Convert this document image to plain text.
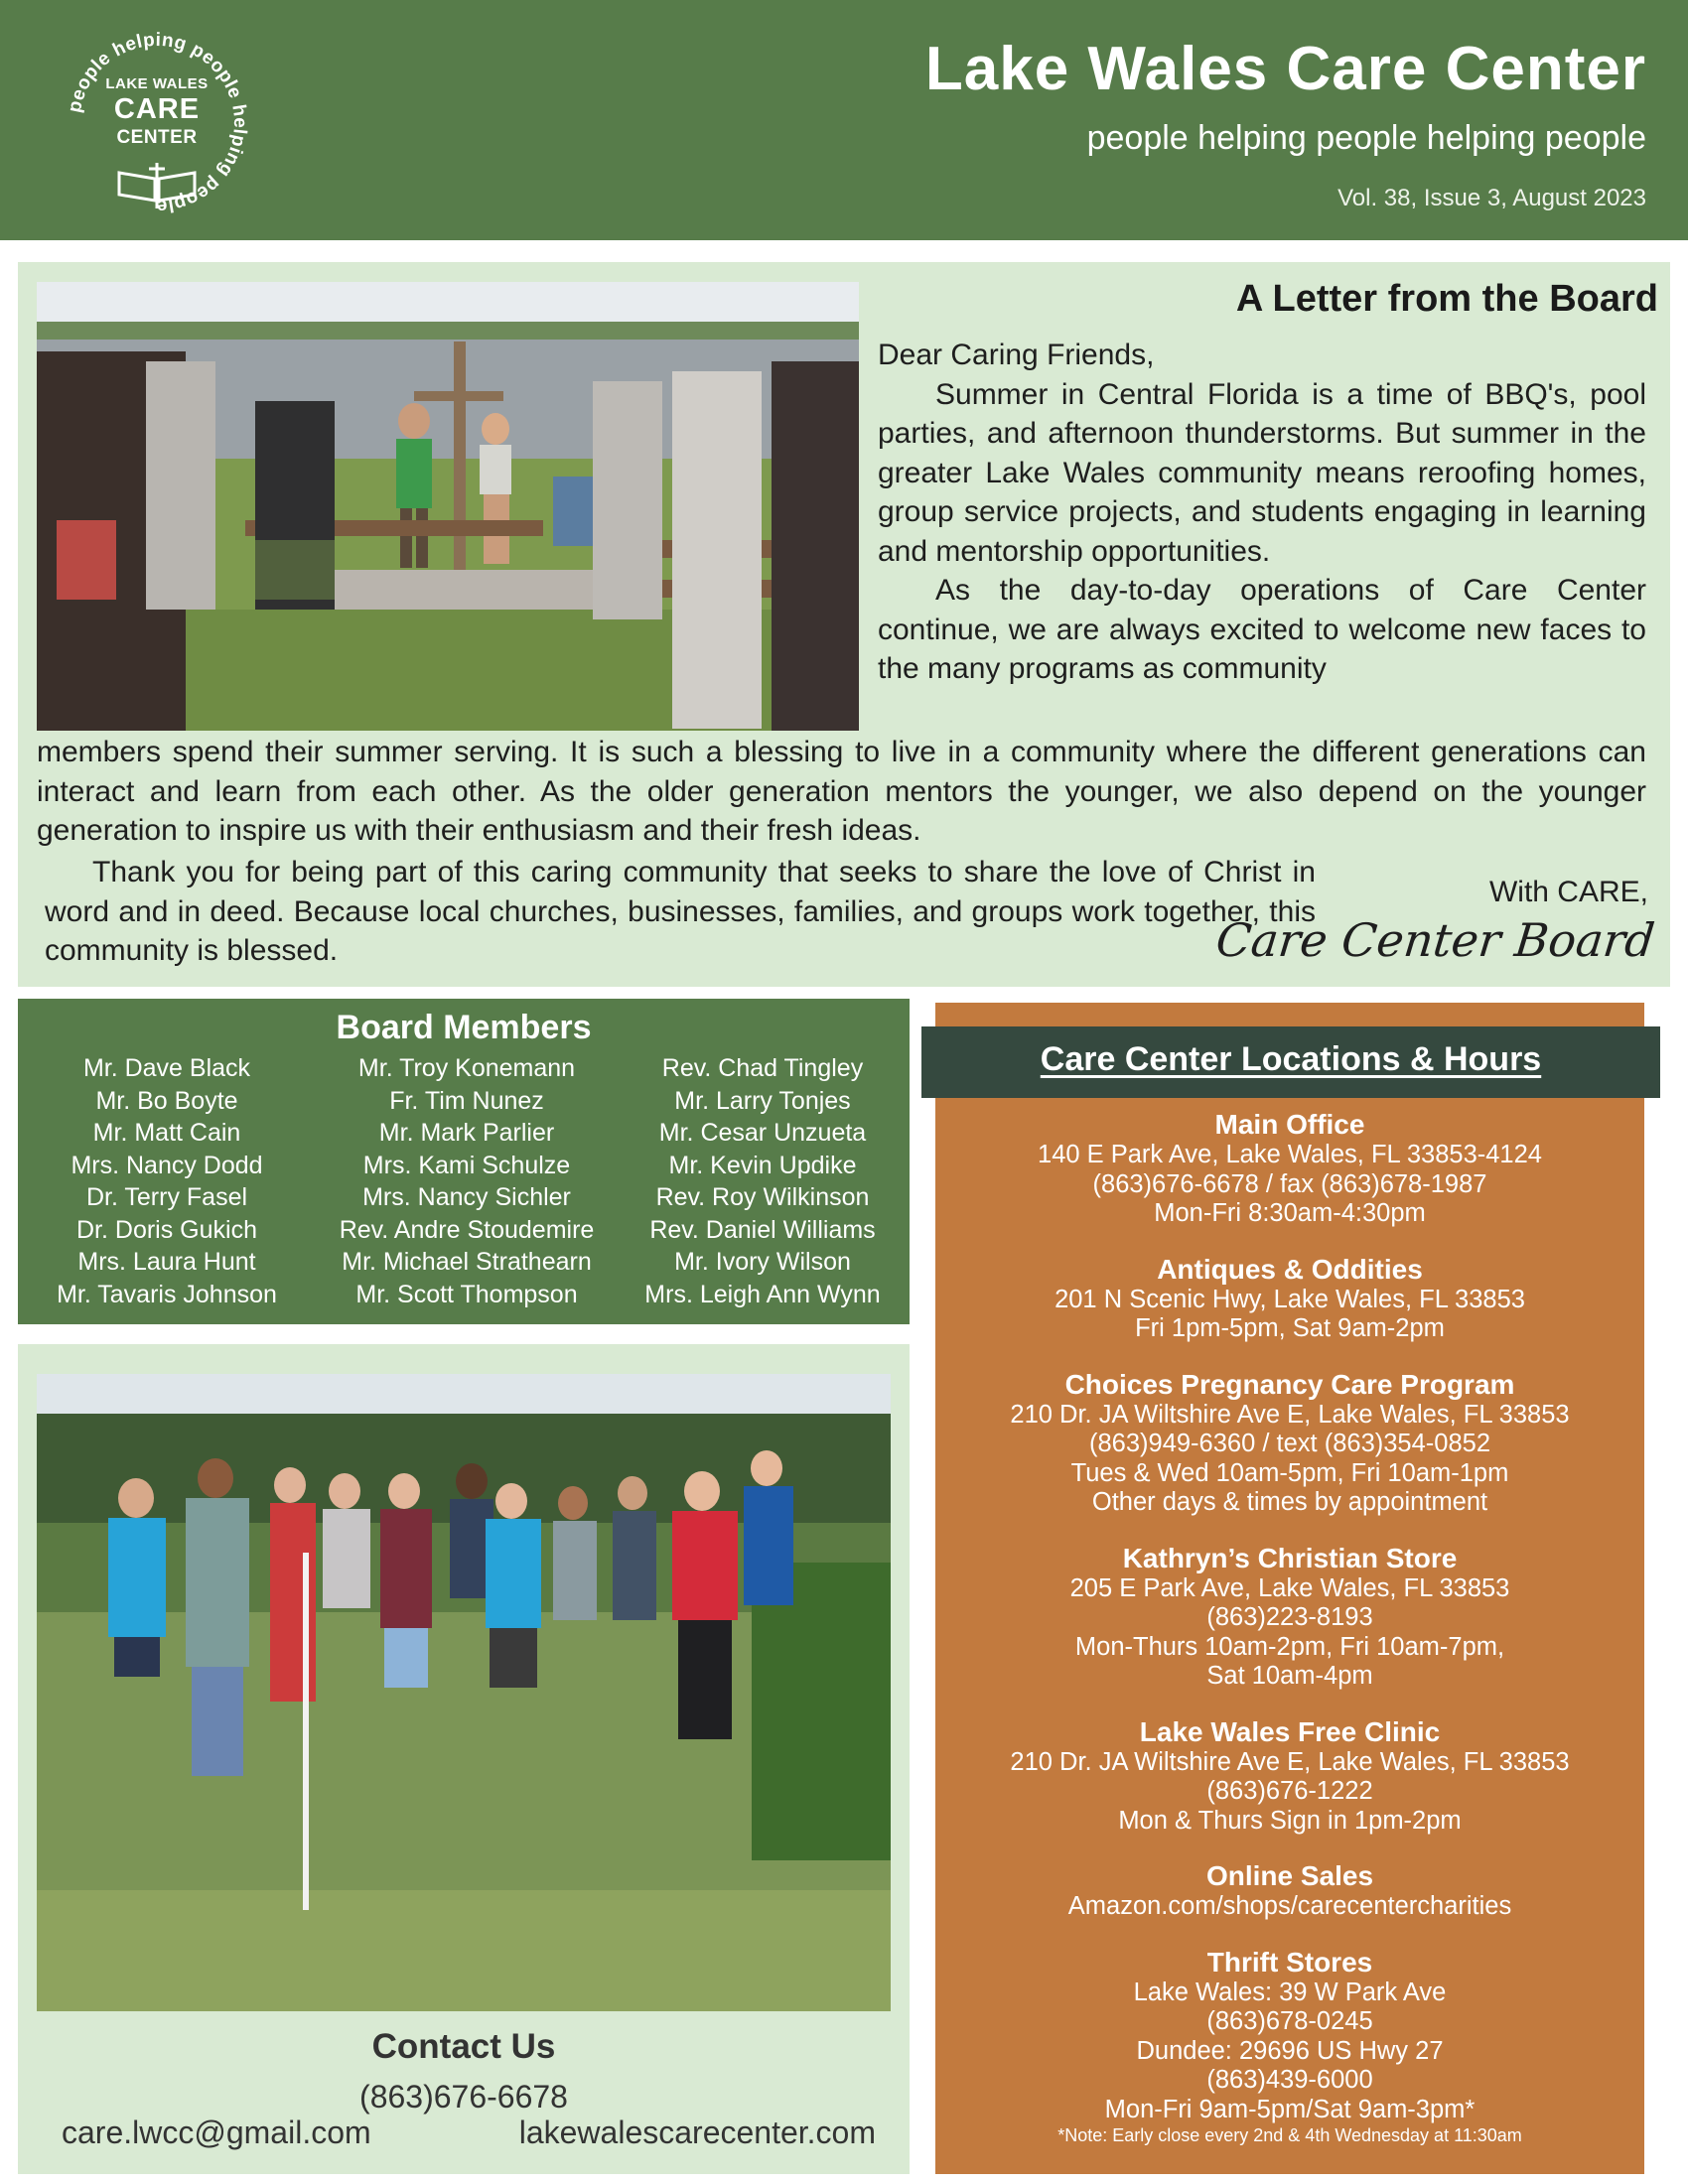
people helping people helping people
LAKE WALES
CARE
CENTER
Lake Wales Care Center
people helping people helping people
Vol. 38, Issue 3, August 2023
A Letter from the Board

Dear Caring Friends,

Summer in Central Florida is a time of BBQ's, pool parties, and afternoon thunderstorms. But summer in the greater Lake Wales community means reroofing homes, group service projects, and students engaging in learning and mentorship opportunities.

As the day-to-day operations of Care Center continue, we are always excited to welcome new faces to the many programs as community

members spend their summer serving. It is such a blessing to live in a community where the different generations can interact and learn from each other. As the older generation mentors the younger, we also depend on the younger generation to inspire us with their enthusiasm and their fresh ideas.
Thank you for being part of this caring community that seeks to share the love of Christ in word and in deed. Because local churches, businesses, families, and groups work together, this community is blessed.
With CARE,
Care Center Board
Board Members
Mr. Dave Black
Mr. Bo Boyte
Mr. Matt Cain
Mrs. Nancy Dodd
Dr. Terry Fasel
Dr. Doris Gukich
Mrs. Laura Hunt
Mr. Tavaris Johnson
Mr. Troy Konemann
Fr. Tim Nunez
Mr. Mark Parlier
Mrs. Kami Schulze
Mrs. Nancy Sichler
Rev. Andre Stoudemire
Mr. Michael Strathearn
Mr. Scott Thompson
Rev. Chad Tingley
Mr. Larry Tonjes
Mr. Cesar Unzueta
Mr. Kevin Updike
Rev. Roy Wilkinson
Rev. Daniel Williams
Mr. Ivory Wilson
Mrs. Leigh Ann Wynn
Contact Us
(863)676-6678
care.lwcc@gmail.com	lakewalescarecenter.com
Main Office
140 E Park Ave, Lake Wales, FL 33853-4124
(863)676-6678 / fax (863)678-1987
Mon-Fri 8:30am-4:30pm
Antiques & Oddities
201 N Scenic Hwy, Lake Wales, FL 33853
Fri 1pm-5pm, Sat 9am-2pm
Choices Pregnancy Care Program
210 Dr. JA Wiltshire Ave E, Lake Wales, FL 33853
(863)949-6360 / text (863)354-0852
Tues & Wed 10am-5pm, Fri 10am-1pm
Other days & times by appointment
Kathryn’s Christian Store
205 E Park Ave, Lake Wales, FL 33853
(863)223-8193
Mon-Thurs 10am-2pm, Fri 10am-7pm,
Sat 10am-4pm
Lake Wales Free Clinic
210 Dr. JA Wiltshire Ave E, Lake Wales, FL 33853
(863)676-1222
Mon & Thurs Sign in 1pm-2pm
Online Sales
Amazon.com/shops/carecentercharities
Thrift Stores
Lake Wales: 39 W Park Ave
(863)678-0245
Dundee: 29696 US Hwy 27
(863)439-6000
Mon-Fri 9am-5pm/Sat 9am-3pm*
*Note: Early close every 2nd & 4th Wednesday at 11:30am
Care Center Locations & Hours
